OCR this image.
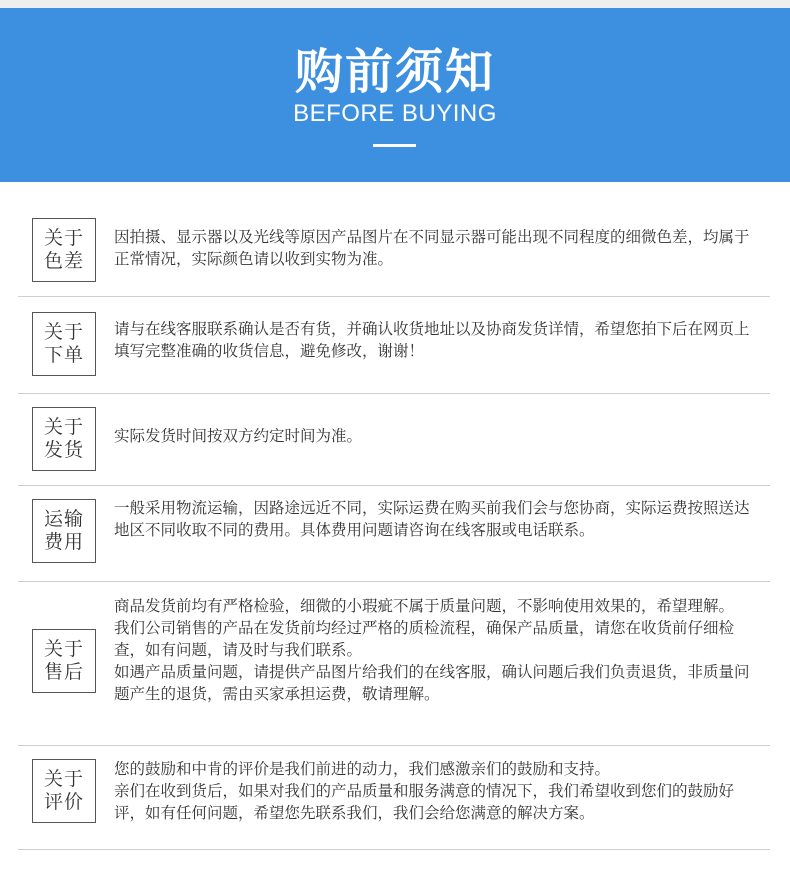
购前须知
BEFORE BUYING
关于
色差

因拍摄、显示器以及光线等原因产品图片在不同显示器可能出现不同程度的细微色差，均属于正常情况，实际颜色请以收到实物为准。

关于
下单

请与在线客服联系确认是否有货，并确认收货地址以及协商发货详情，希望您拍下后在网页上填写完整准确的收货信息，避免修改，谢谢！

关于
发货

实际发货时间按双方约定时间为准。

运输
费用

一般采用物流运输，因路途远近不同，实际运费在购买前我们会与您协商，实际运费按照送达地区不同收取不同的费用。具体费用问题请咨询在线客服或电话联系。

关于
售后

商品发货前均有严格检验，细微的小瑕疵不属于质量问题，不影响使用效果的，希望理解。

我们公司销售的产品在发货前均经过严格的质检流程，确保产品质量，请您在收货前仔细检查，如有问题，请及时与我们联系。

如遇产品质量问题，请提供产品图片给我们的在线客服，确认问题后我们负责退货，非质量问题产生的退货，需由买家承担运费，敬请理解。

关于
评价

您的鼓励和中肯的评价是我们前进的动力，我们感激亲们的鼓励和支持。

亲们在收到货后，如果对我们的产品质量和服务满意的情况下，我们希望收到您们的鼓励好评，如有任何问题，希望您先联系我们，我们会给您满意的解决方案。
